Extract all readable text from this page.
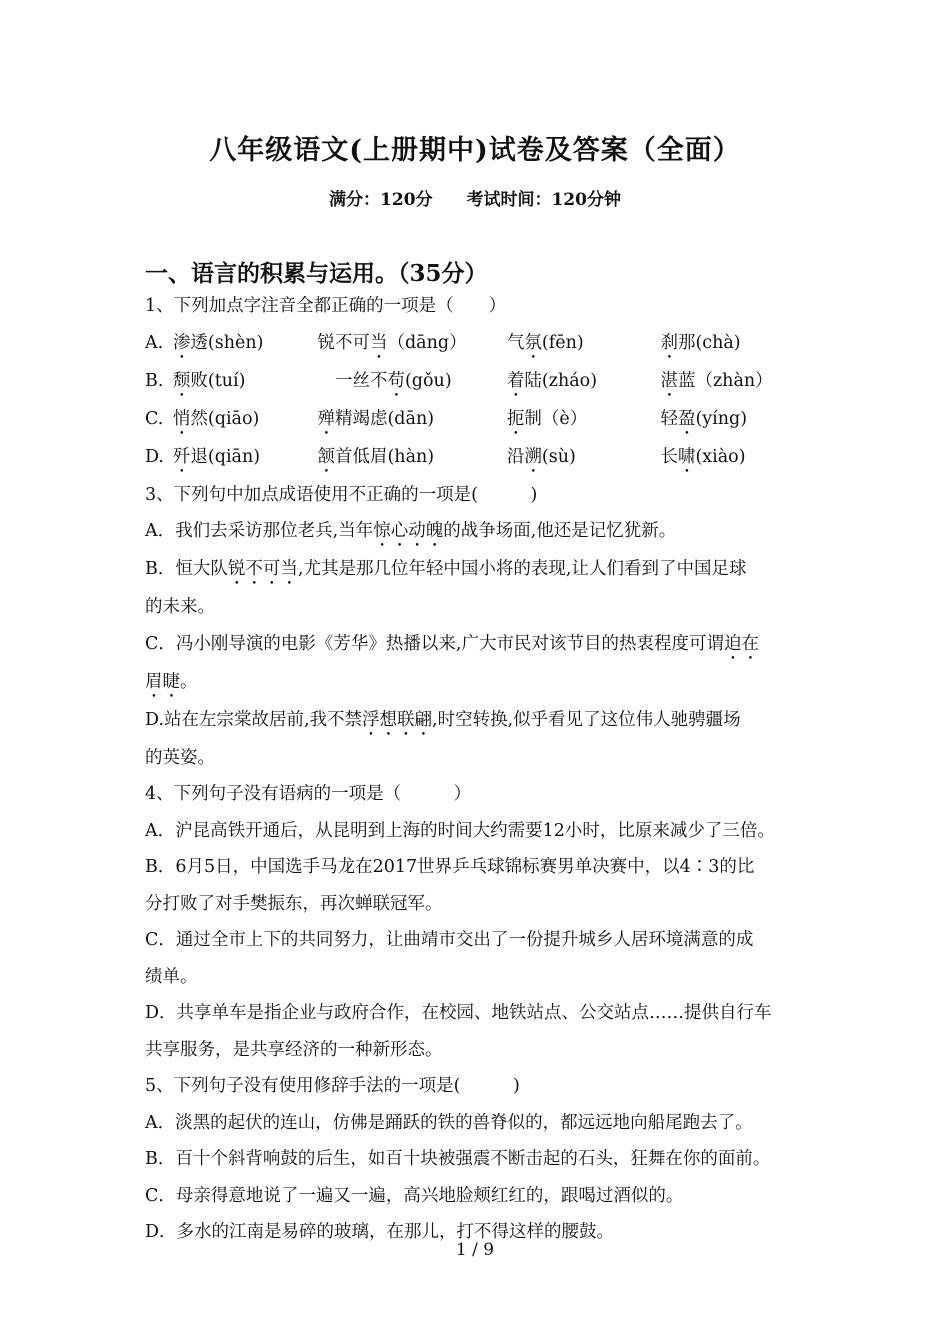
八年级语文(上册期中)试卷及答案（全面）
满分：120分 考试时间：120分钟
一、语言的积累与运用。（35分）
1、下列加点字注音全都正确的一项是（　　）
A. 渗透(shèn)	锐不可当（dāng）	气氛(fēn)	刹那(chà)
B. 颓败(tuí)	　一丝不苟(gǒu)	着陆(zháo)	湛蓝（zhàn）
C. 悄然(qiāo)	殚精竭虑(dān)	扼制（è）	轻盈(yíng)
D. 歼退(qiān)	颔首低眉(hàn)	沿溯(sù)	长啸(xiào)
3、下列句中加点成语使用不正确的一项是(　　　)
A．我们去采访那位老兵,当年惊心动魄的战争场面,他还是记忆犹新。
B．恒大队锐不可当,尤其是那几位年轻中国小将的表现,让人们看到了中国足球
的未来。
C．冯小刚导演的电影《芳华》热播以来,广大市民对该节目的热衷程度可谓迫在
眉睫。
D.站在左宗棠故居前,我不禁浮想联翩,时空转换,似乎看见了这位伟人驰骋疆场
的英姿。
4、下列句子没有语病的一项是（　　　）
A．沪昆高铁开通后，从昆明到上海的时间大约需要12小时，比原来减少了三倍。
B．6月5日，中国选手马龙在2017世界乒乓球锦标赛男单决赛中，以4∶3的比
分打败了对手樊振东，再次蝉联冠军。
C．通过全市上下的共同努力，让曲靖市交出了一份提升城乡人居环境满意的成
绩单。
D．共享单车是指企业与政府合作，在校园、地铁站点、公交站点……提供自行车
共享服务，是共享经济的一种新形态。
5、下列句子没有使用修辞手法的一项是(　　　)
A．淡黑的起伏的连山，仿佛是踊跃的铁的兽脊似的，都远远地向船尾跑去了。
B．百十个斜背响鼓的后生，如百十块被强震不断击起的石头，狂舞在你的面前。
C．母亲得意地说了一遍又一遍，高兴地脸颊红红的，跟喝过酒似的。
D．多水的江南是易碎的玻璃，在那儿，打不得这样的腰鼓。
1 / 9
